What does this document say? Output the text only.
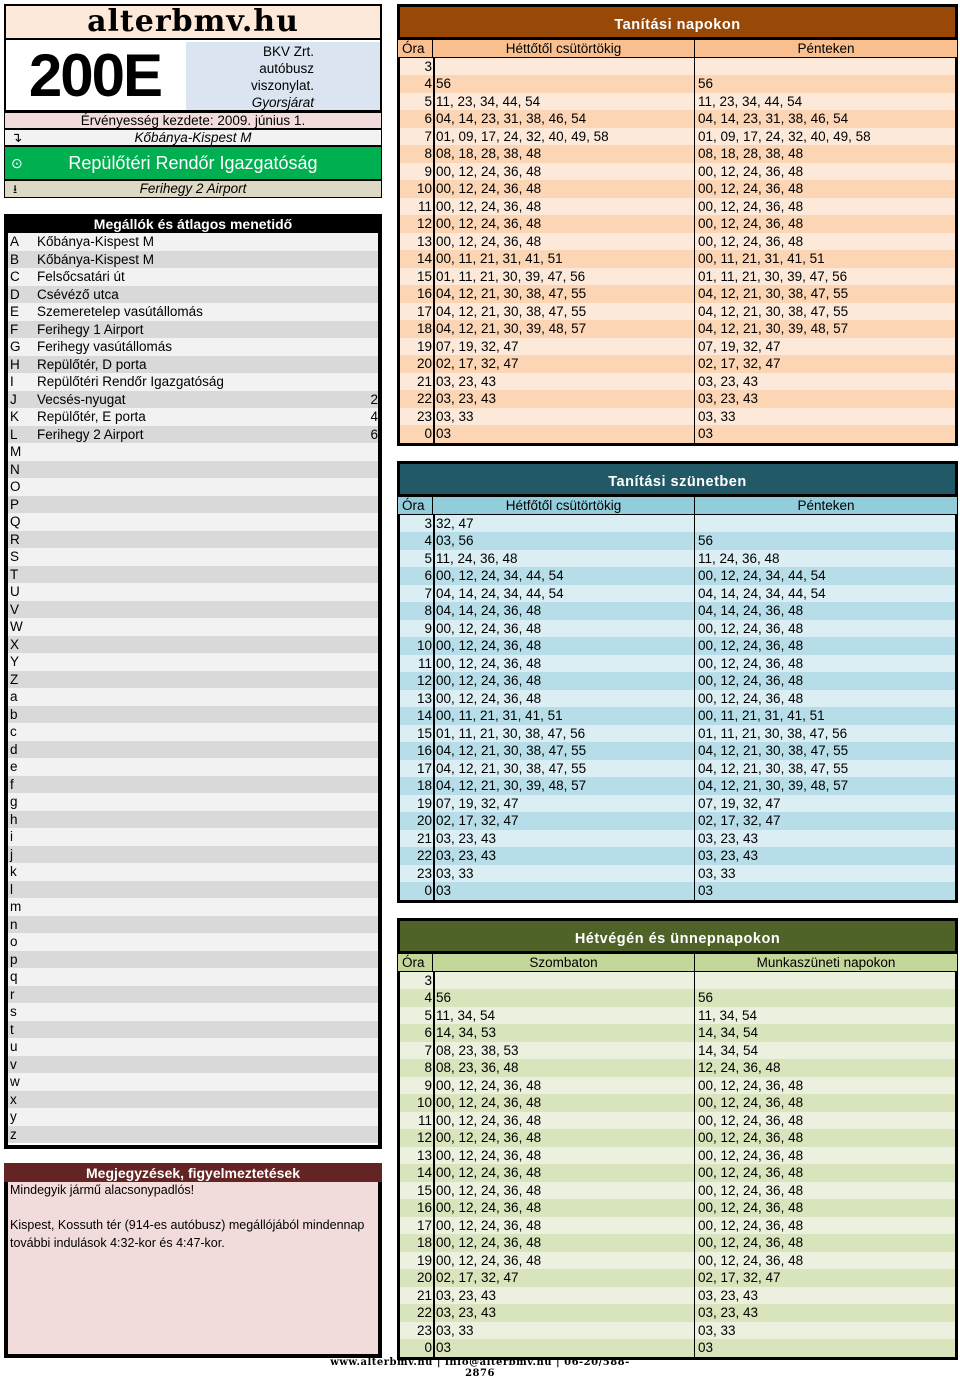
alterbmv.hu
200E	BKV Zrt.
autóbusz
viszonylat.
Gyorsjárat
Érvényesség kezdete: 2009. június 1.
↴	Kőbánya-Kispest M
⊙	Repülőtéri Rendőr Igazgatóság
⭳	Ferihegy 2 Airport
Megállók és átlagos menetidő
A	Kőbánya-Kispest M
B	Kőbánya-Kispest M
C	Felsőcsatári út
D	Csévéző utca
E	Szemeretelep vasútállomás
F	Ferihegy 1 Airport
G	Ferihegy vasútállomás
H	Repülőtér, D porta
I	Repülőtéri Rendőr Igazgatóság
J	Vecsés-nyugat	2
K	Repülőtér, E porta	4
L	Ferihegy 2 Airport	6
M
N
O
P
Q
R
S
T
U
V
W
X
Y
Z
a
b
c
d
e
f
g
h
i
j
k
l
m
n
o
p
q
r
s
t
u
v
w
x
y
z
Megjegyzések, figyelmeztetések
Mindegyik jármű alacsonypadlós!
Kispest, Kossuth tér (914-es autóbusz) megállójából mindennap
további indulások 4:32-kor és 4:47-kor.
Tanítási napokon
Óra	Héttőtől csütörtökig	Pénteken
3
4 56	56
5 11, 23, 34, 44, 54	11, 23, 34, 44, 54
6 04, 14, 23, 31, 38, 46, 54	04, 14, 23, 31, 38, 46, 54
7 01, 09, 17, 24, 32, 40, 49, 58	01, 09, 17, 24, 32, 40, 49, 58
8 08, 18, 28, 38, 48	08, 18, 28, 38, 48
9 00, 12, 24, 36, 48	00, 12, 24, 36, 48
10 00, 12, 24, 36, 48	00, 12, 24, 36, 48
11 00, 12, 24, 36, 48	00, 12, 24, 36, 48
12 00, 12, 24, 36, 48	00, 12, 24, 36, 48
13 00, 12, 24, 36, 48	00, 12, 24, 36, 48
14 00, 11, 21, 31, 41, 51	00, 11, 21, 31, 41, 51
15 01, 11, 21, 30, 39, 47, 56	01, 11, 21, 30, 39, 47, 56
16 04, 12, 21, 30, 38, 47, 55	04, 12, 21, 30, 38, 47, 55
17 04, 12, 21, 30, 38, 47, 55	04, 12, 21, 30, 38, 47, 55
18 04, 12, 21, 30, 39, 48, 57	04, 12, 21, 30, 39, 48, 57
19 07, 19, 32, 47	07, 19, 32, 47
20 02, 17, 32, 47	02, 17, 32, 47
21 03, 23, 43	03, 23, 43
22 03, 23, 43	03, 23, 43
23 03, 33	03, 33
0 03	03
Tanítási szünetben
Óra	Hétfőtől csütörtökig	Pénteken
3 32, 47
4 03, 56	56
5 11, 24, 36, 48	11, 24, 36, 48
6 00, 12, 24, 34, 44, 54	00, 12, 24, 34, 44, 54
7 04, 14, 24, 34, 44, 54	04, 14, 24, 34, 44, 54
8 04, 14, 24, 36, 48	04, 14, 24, 36, 48
9 00, 12, 24, 36, 48	00, 12, 24, 36, 48
10 00, 12, 24, 36, 48	00, 12, 24, 36, 48
11 00, 12, 24, 36, 48	00, 12, 24, 36, 48
12 00, 12, 24, 36, 48	00, 12, 24, 36, 48
13 00, 12, 24, 36, 48	00, 12, 24, 36, 48
14 00, 11, 21, 31, 41, 51	00, 11, 21, 31, 41, 51
15 01, 11, 21, 30, 38, 47, 56	01, 11, 21, 30, 38, 47, 56
16 04, 12, 21, 30, 38, 47, 55	04, 12, 21, 30, 38, 47, 55
17 04, 12, 21, 30, 38, 47, 55	04, 12, 21, 30, 38, 47, 55
18 04, 12, 21, 30, 39, 48, 57	04, 12, 21, 30, 39, 48, 57
19 07, 19, 32, 47	07, 19, 32, 47
20 02, 17, 32, 47	02, 17, 32, 47
21 03, 23, 43	03, 23, 43
22 03, 23, 43	03, 23, 43
23 03, 33	03, 33
0 03	03
Hétvégén és ünnepnapokon
Óra	Szombaton	Munkaszüneti napokon
3
4 56	56
5 11, 34, 54	11, 34, 54
6 14, 34, 53	14, 34, 54
7 08, 23, 38, 53	14, 34, 54
8 08, 23, 36, 48	12, 24, 36, 48
9 00, 12, 24, 36, 48	00, 12, 24, 36, 48
10 00, 12, 24, 36, 48	00, 12, 24, 36, 48
11 00, 12, 24, 36, 48	00, 12, 24, 36, 48
12 00, 12, 24, 36, 48	00, 12, 24, 36, 48
13 00, 12, 24, 36, 48	00, 12, 24, 36, 48
14 00, 12, 24, 36, 48	00, 12, 24, 36, 48
15 00, 12, 24, 36, 48	00, 12, 24, 36, 48
16 00, 12, 24, 36, 48	00, 12, 24, 36, 48
17 00, 12, 24, 36, 48	00, 12, 24, 36, 48
18 00, 12, 24, 36, 48	00, 12, 24, 36, 48
19 00, 12, 24, 36, 48	00, 12, 24, 36, 48
20 02, 17, 32, 47	02, 17, 32, 47
21 03, 23, 43	03, 23, 43
22 03, 23, 43	03, 23, 43
23 03, 33	03, 33
0 03	03
www.alterbmv.hu | info@alterbmv.hu | 06-20/588-2876
